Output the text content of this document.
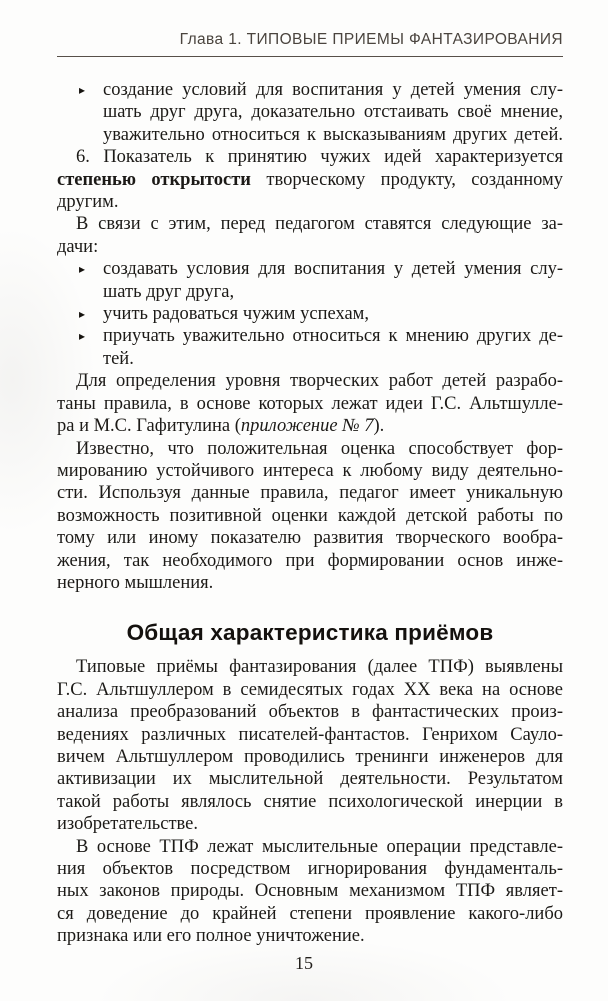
Глава 1. ТИПОВЫЕ ПРИЕМЫ ФАНТАЗИРОВАНИЯ
▸ создание условий для воспитания у детей умения слу-
шать друг друга, доказательно отстаивать своё мнение,
уважительно относиться к высказываниям других детей.
6. Показатель к принятию чужих идей характеризуется
степенью открытости творческому продукту, созданному
другим.
В связи с этим, перед педагогом ставятся следующие за-
дачи:
▸ создавать условия для воспитания у детей умения слу-
шать друг друга,
▸ учить радоваться чужим успехам,
▸ приучать уважительно относиться к мнению других де-
тей.
Для определения уровня творческих работ детей разрабо-
таны правила, в основе которых лежат идеи Г.С. Альтшулле-
ра и М.С. Гафитулина (приложение № 7).
Известно, что положительная оценка способствует фор-
мированию устойчивого интереса к любому виду деятельно-
сти. Используя данные правила, педагог имеет уникальную
возможность позитивной оценки каждой детской работы по
тому или иному показателю развития творческого вообра-
жения, так необходимого при формировании основ инже-
нерного мышления.
Общая характеристика приёмов
Типовые приёмы фантазирования (далее ТПФ) выявлены
Г.С. Альтшуллером в семидесятых годах XX века на основе
анализа преобразований объектов в фантастических произ-
ведениях различных писателей-фантастов. Генрихом Сауло-
вичем Альтшуллером проводились тренинги инженеров для
активизации их мыслительной деятельности. Результатом
такой работы являлось снятие психологической инерции в
изобретательстве.
В основе ТПФ лежат мыслительные операции представле-
ния объектов посредством игнорирования фундаменталь-
ных законов природы. Основным механизмом ТПФ являет-
ся доведение до крайней степени проявление какого-либо
признака или его полное уничтожение.
15
